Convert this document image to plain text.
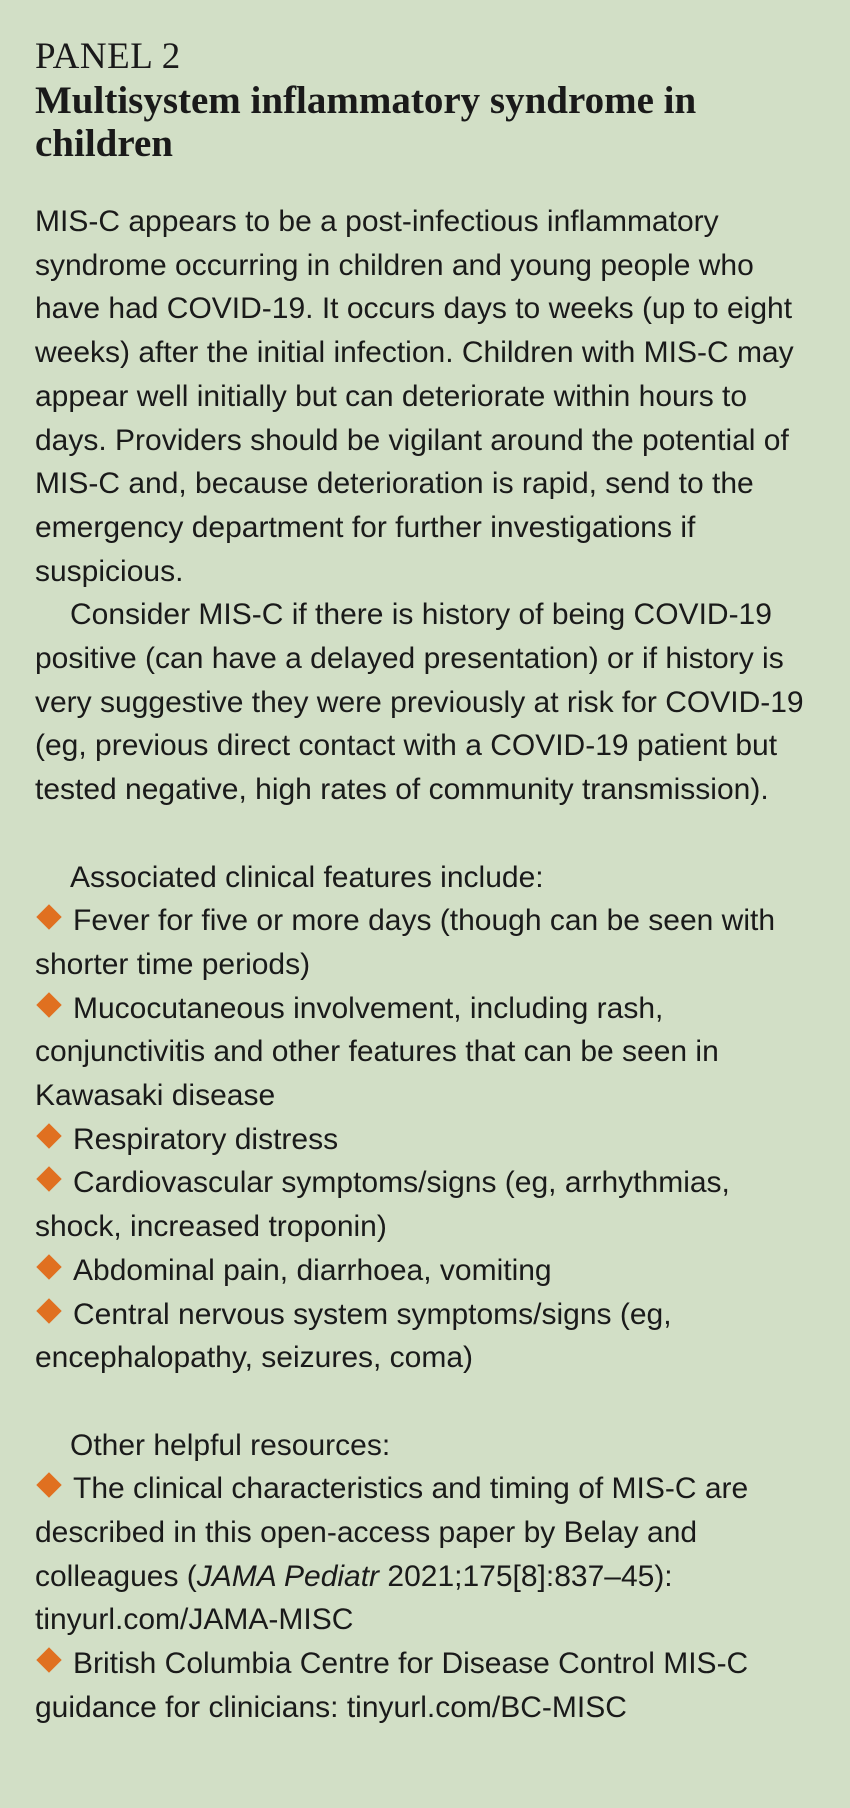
PANEL 2
Multisystem inflammatory syndrome in children

MIS-C appears to be a post-infectious inflammatory syndrome occurring in children and young people who have had COVID-19. It occurs days to weeks (up to eight weeks) after the initial infection. Children with MIS-C may appear well initially but can deteriorate within hours to days. Providers should be vigilant around the potential of MIS-C and, because deterioration is rapid, send to the emergency department for further investigations if suspicious.

Consider MIS-C if there is history of being COVID-19 positive (can have a delayed presentation) or if history is very suggestive they were previously at risk for COVID-19 (eg, previous direct contact with a COVID-19 patient but tested negative, high rates of community transmission).

Associated clinical features include:

Fever for five or more days (though can be seen with shorter time periods)

Mucocutaneous involvement, including rash, conjunctivitis and other features that can be seen in Kawasaki disease

Respiratory distress

Cardiovascular symptoms/signs (eg, arrhythmias, shock, increased troponin)

Abdominal pain, diarrhoea, vomiting

Central nervous system symptoms/signs (eg, encephalopathy, seizures, coma)

Other helpful resources:

The clinical characteristics and timing of MIS-C are described in this open-access paper by Belay and colleagues (JAMA Pediatr 2021;175[8]:837–45): tinyurl.com/JAMA-MISC

British Columbia Centre for Disease Control MIS-C guidance for clinicians: tinyurl.com/BC-MISC
